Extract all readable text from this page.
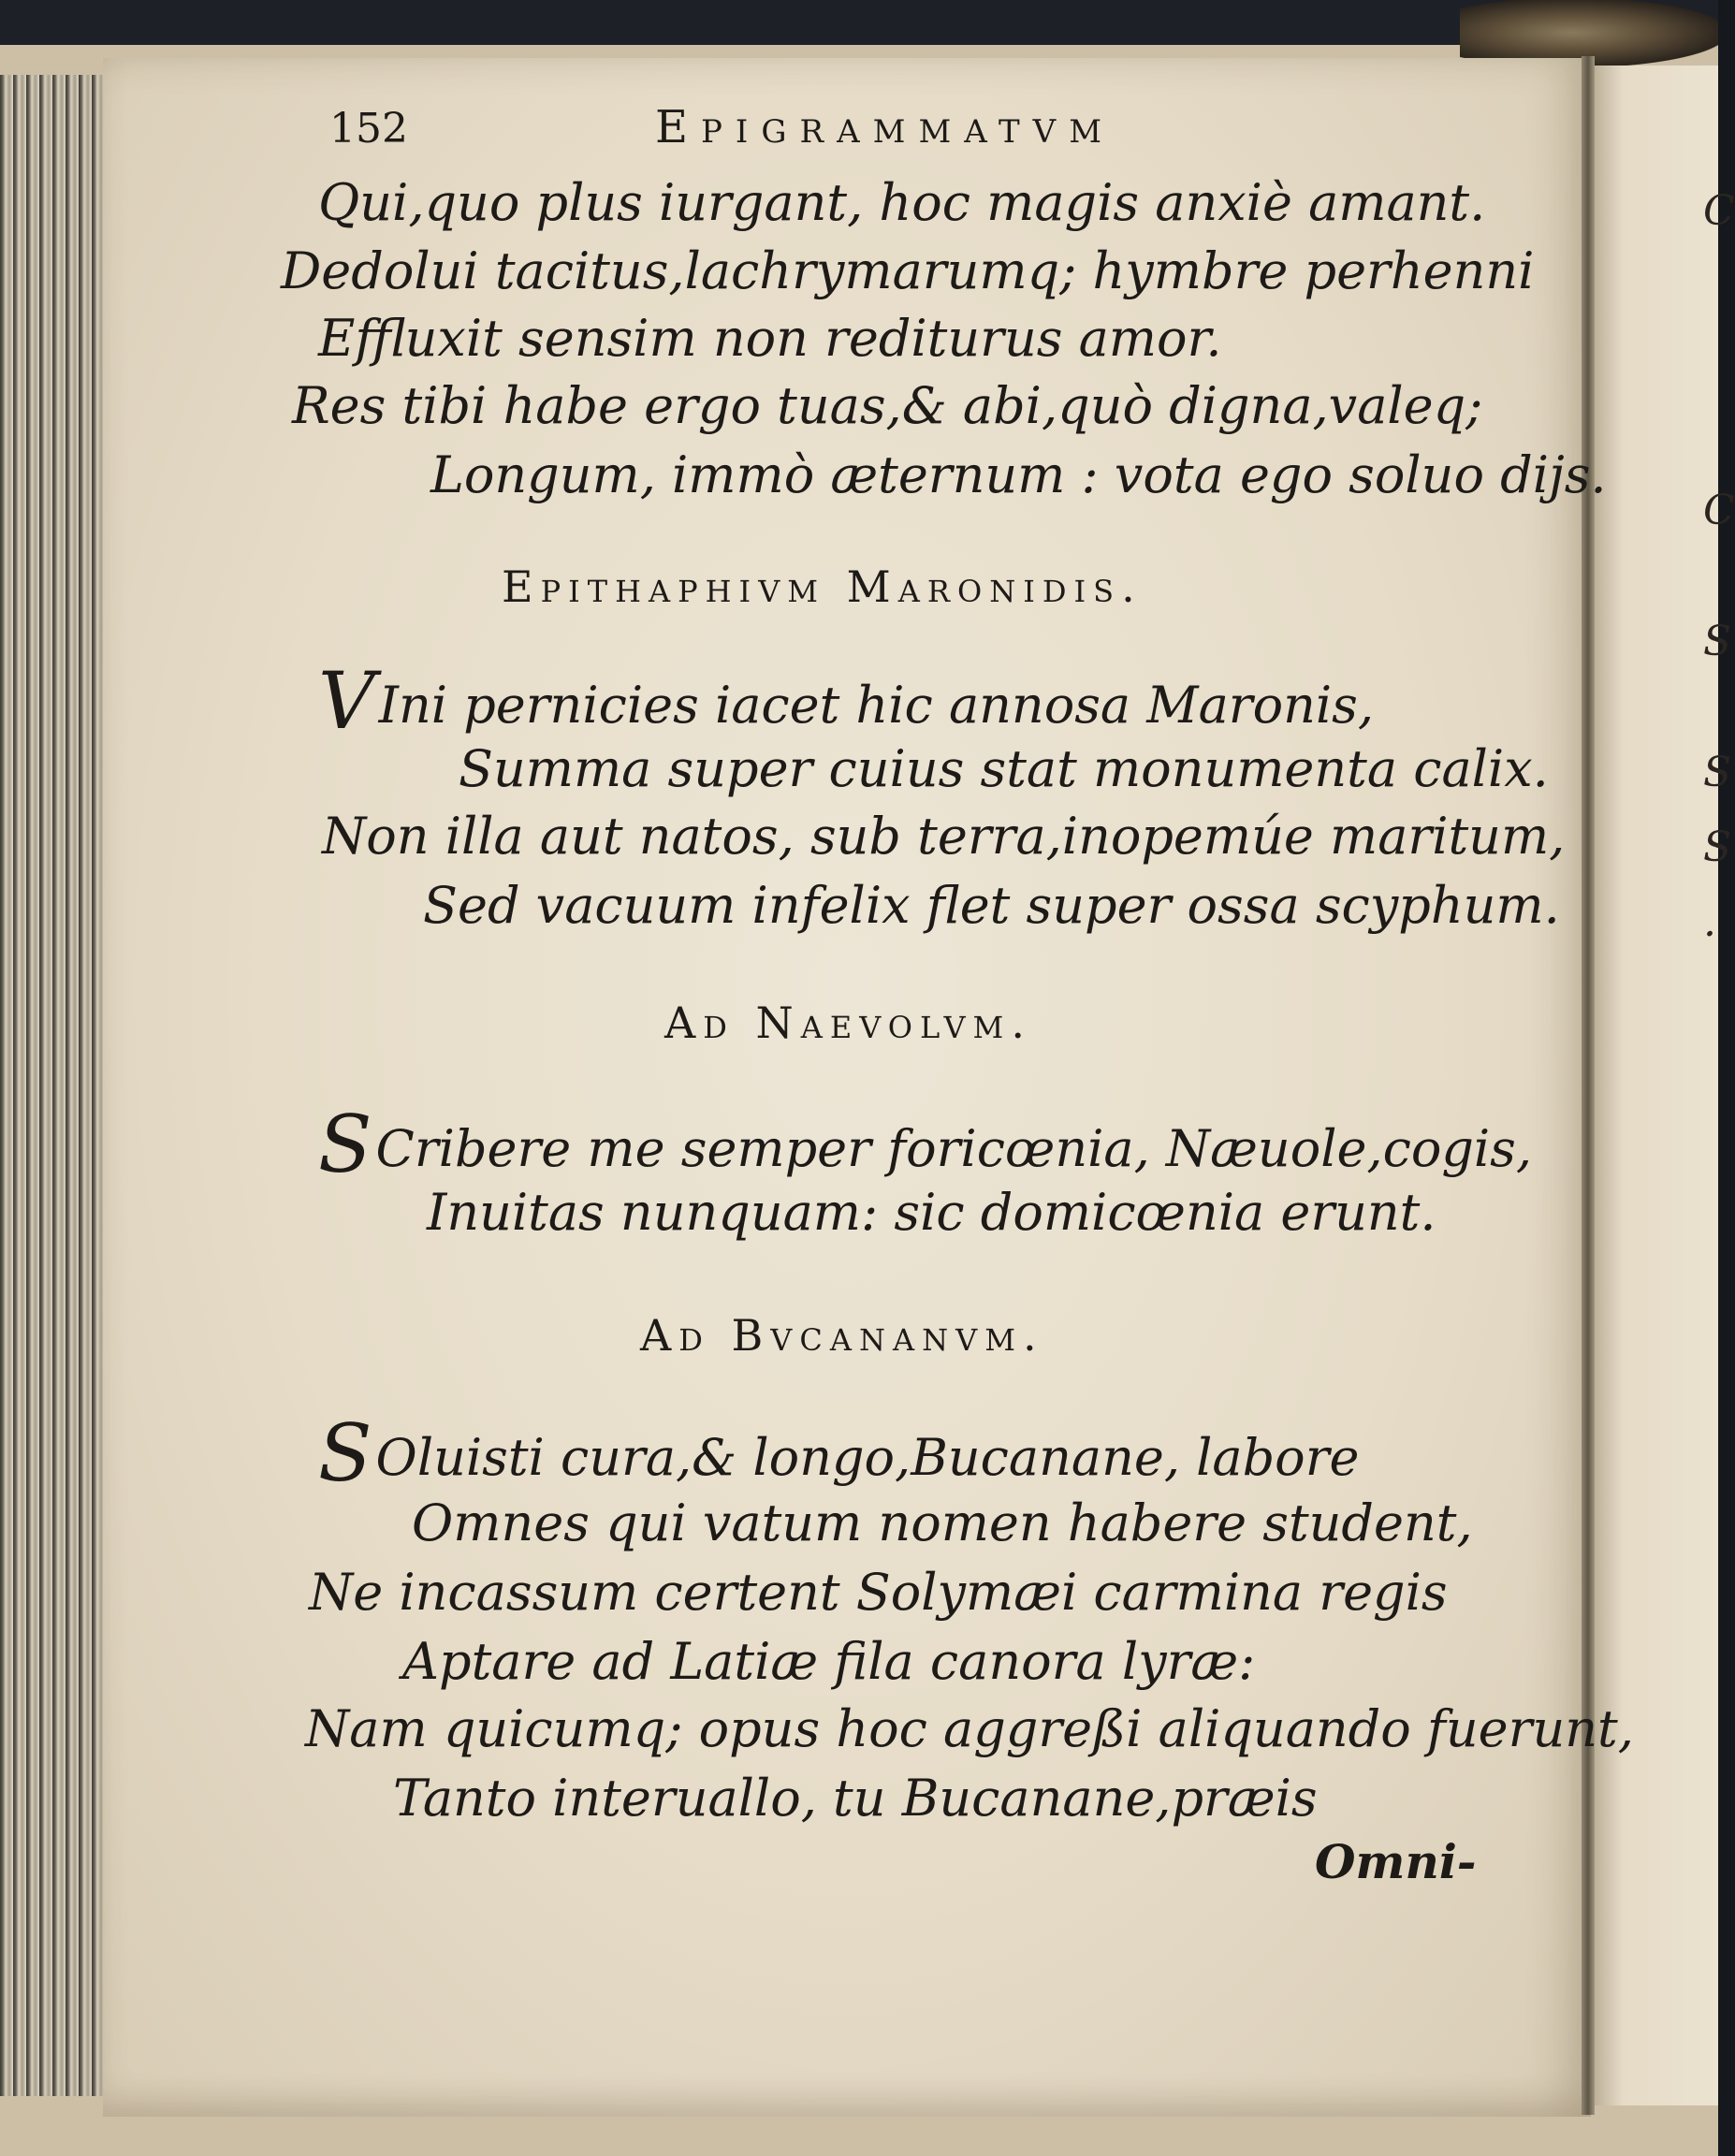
C
C
S
S
S
.
152	Epigrammatvm
Qui,quo plus iurgant, hoc magis anxiè amant.
Dedolui tacitus,lachrymarumq; hymbre perhenni
Effluxit sensim non rediturus amor.
Res tibi habe ergo tuas,& abi,quò digna,valeq;
Longum, immò æternum : vota ego soluo dijs.
Epithaphivm Maronidis.
VIni pernicies iacet hic annosa Maronis,
Summa super cuius stat monumenta calix.
Non illa aut natos, sub terra,inopemúe maritum,
Sed vacuum infelix flet super ossa scyphum.
Ad Naevolvm.
SCribere me semper foricœnia, Næuole,cogis,
Inuitas nunquam: sic domicœnia erunt.
Ad Bvcananvm.
SOluisti cura,& longo,Bucanane, labore
Omnes qui vatum nomen habere student,
Ne incassum certent Solymæi carmina regis
Aptare ad Latiæ fila canora lyræ:
Nam quicumq; opus hoc aggreßi aliquando fuerunt,
Tanto interuallo, tu Bucanane,præis
Omni-
